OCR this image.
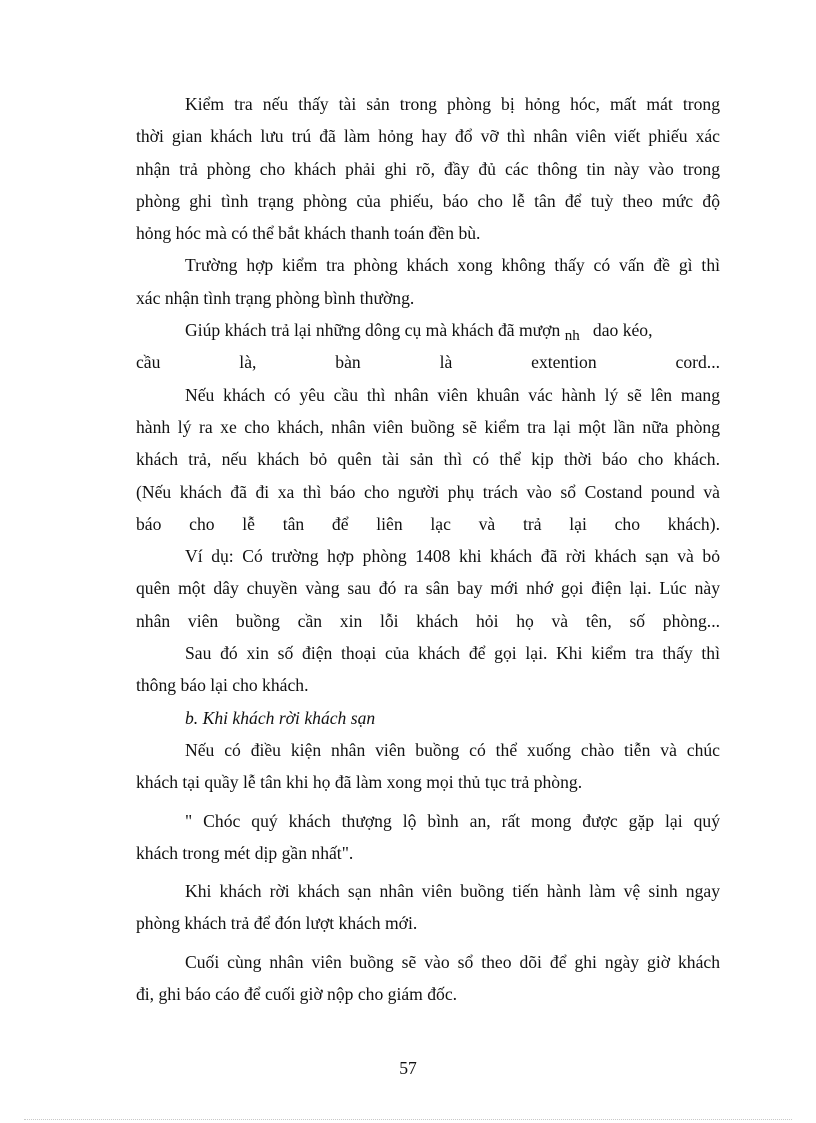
Kiểm tra nếu thấy tài sản trong phòng bị hỏng hóc, mất mát trong
thời gian khách lưu trú đã làm hỏng hay đổ vỡ thì nhân viên viết phiếu xác
nhận trả phòng cho khách phải ghi rõ, đầy đủ các thông tin này vào trong
phòng ghi tình trạng phòng của phiếu, báo cho lễ tân để tuỳ theo mức độ
hỏng hóc mà có thể bắt khách thanh toán đền bù.
Trường hợp kiểm tra phòng khách xong không thấy có vấn đề gì thì
xác nhận tình trạng phòng bình thường.
Giúp khách trả lại những dông cụ mà khách đã mượn nh dao kéo,
cầu là, bàn là extention cord...
Nếu khách có yêu cầu thì nhân viên khuân vác hành lý sẽ lên mang
hành lý ra xe cho khách, nhân viên buồng sẽ kiểm tra lại một lần nữa phòng
khách trả, nếu khách bỏ quên tài sản thì có thể kịp thời báo cho khách.
(Nếu khách đã đi xa thì báo cho người phụ trách vào sổ Costand pound và
báo cho lễ tân để liên lạc và trả lại cho khách).
Ví dụ: Có trường hợp phòng 1408 khi khách đã rời khách sạn và bỏ
quên một dây chuyền vàng sau đó ra sân bay mới nhớ gọi điện lại. Lúc này
nhân viên buồng cần xin lỗi khách hỏi họ và tên, số phòng...
Sau đó xin số điện thoại của khách để gọi lại. Khi kiểm tra thấy thì
thông báo lại cho khách.
b. Khi khách rời khách sạn
Nếu có điều kiện nhân viên buồng có thể xuống chào tiễn và chúc
khách tại quầy lễ tân khi họ đã làm xong mọi thủ tục trả phòng.
" Chóc quý khách thượng lộ bình an, rất mong được gặp lại quý
khách trong mét dịp gần nhất".
Khi khách rời khách sạn nhân viên buồng tiến hành làm vệ sinh ngay
phòng khách trả để đón lượt khách mới.
Cuối cùng nhân viên buồng sẽ vào sổ theo dõi để ghi ngày giờ khách
đi, ghi báo cáo để cuối giờ nộp cho giám đốc.
57
